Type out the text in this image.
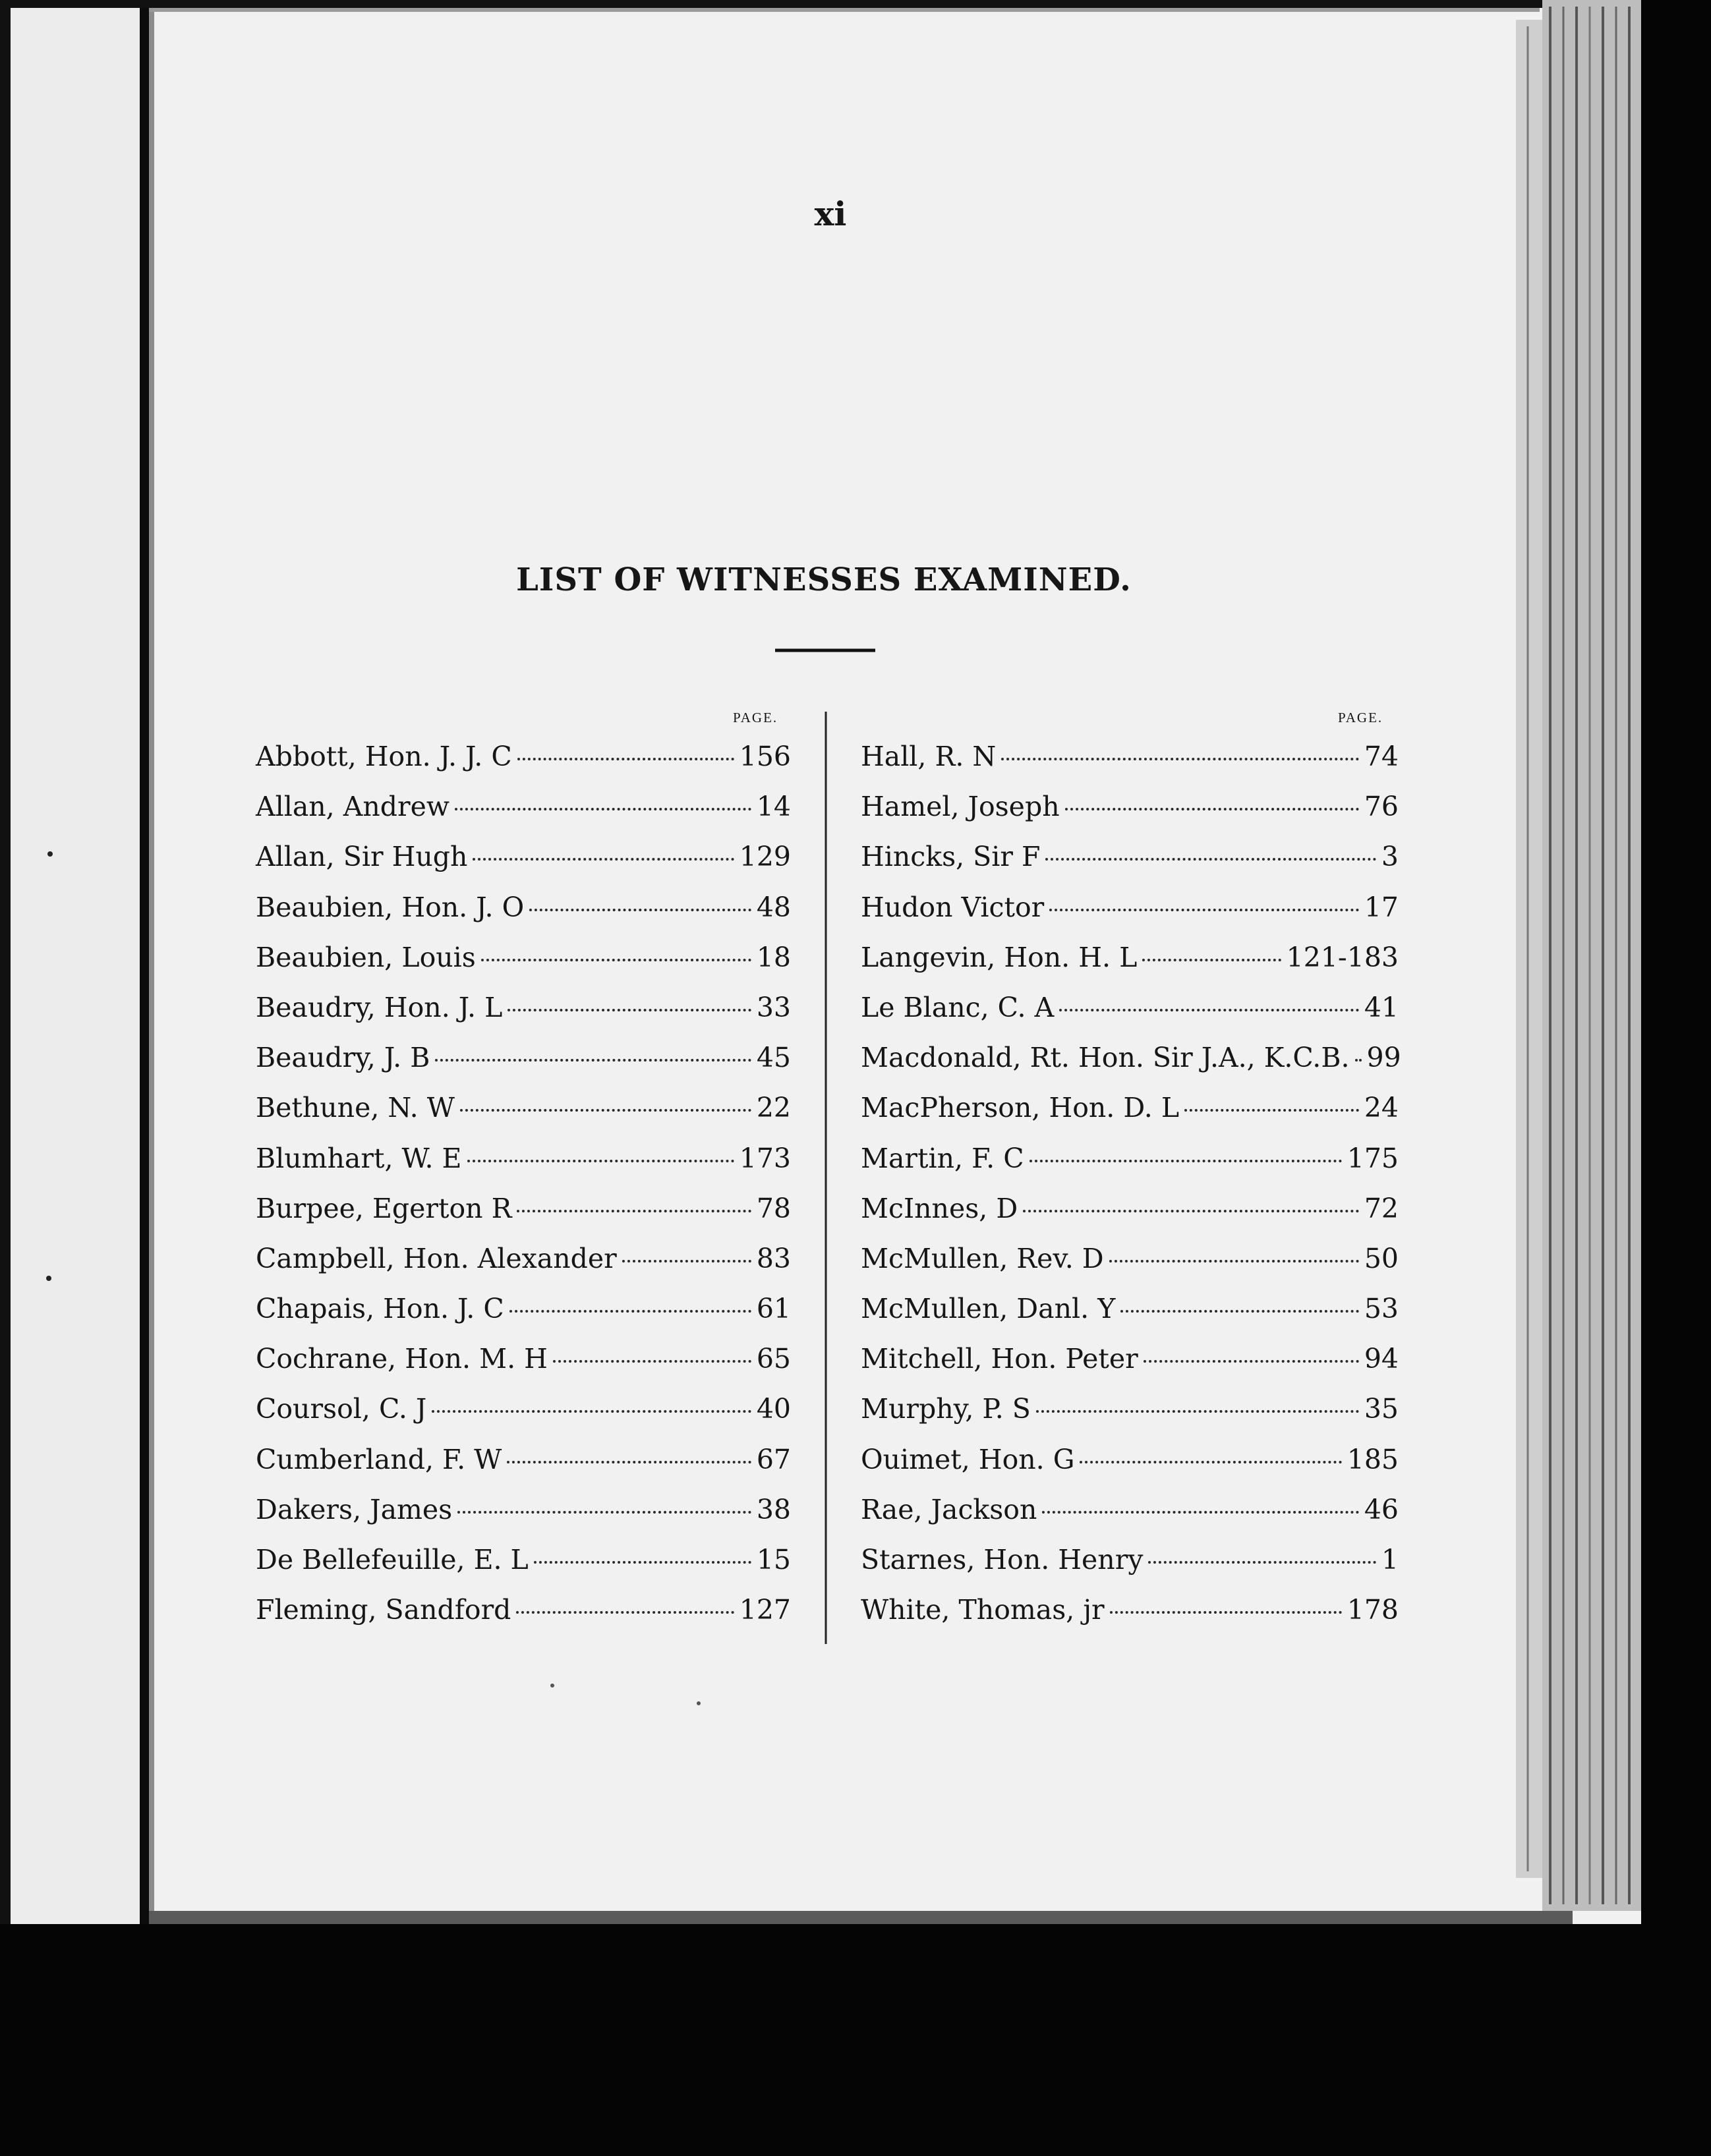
xi
LIST OF WITNESSES EXAMINED.
PAGE.	PAGE.
Abbott, Hon. J. J. C	156
Allan, Andrew	14
Allan, Sir Hugh	129
Beaubien, Hon. J. O	48
Beaubien, Louis	18
Beaudry, Hon. J. L	33
Beaudry, J. B	45
Bethune, N. W	22
Blumhart, W. E	173
Burpee, Egerton R	78
Campbell, Hon. Alexander	83
Chapais, Hon. J. C	61
Cochrane, Hon. M. H	65
Coursol, C. J	40
Cumberland, F. W	67
Dakers, James	38
De Bellefeuille, E. L	15
Fleming, Sandford	127
Hall, R. N	74
Hamel, Joseph	76
Hincks, Sir F	3
Hudon Victor	17
Langevin, Hon. H. L	121-183
Le Blanc, C. A	41
Macdonald, Rt. Hon. Sir J.A., K.C.B. 99
MacPherson, Hon. D. L	24
Martin, F. C	175
McInnes, D	72
McMullen, Rev. D	50
McMullen, Danl. Y	53
Mitchell, Hon. Peter	94
Murphy, P. S	35
Ouimet, Hon. G	185
Rae, Jackson	46
Starnes, Hon. Henry	1
White, Thomas, jr	178
